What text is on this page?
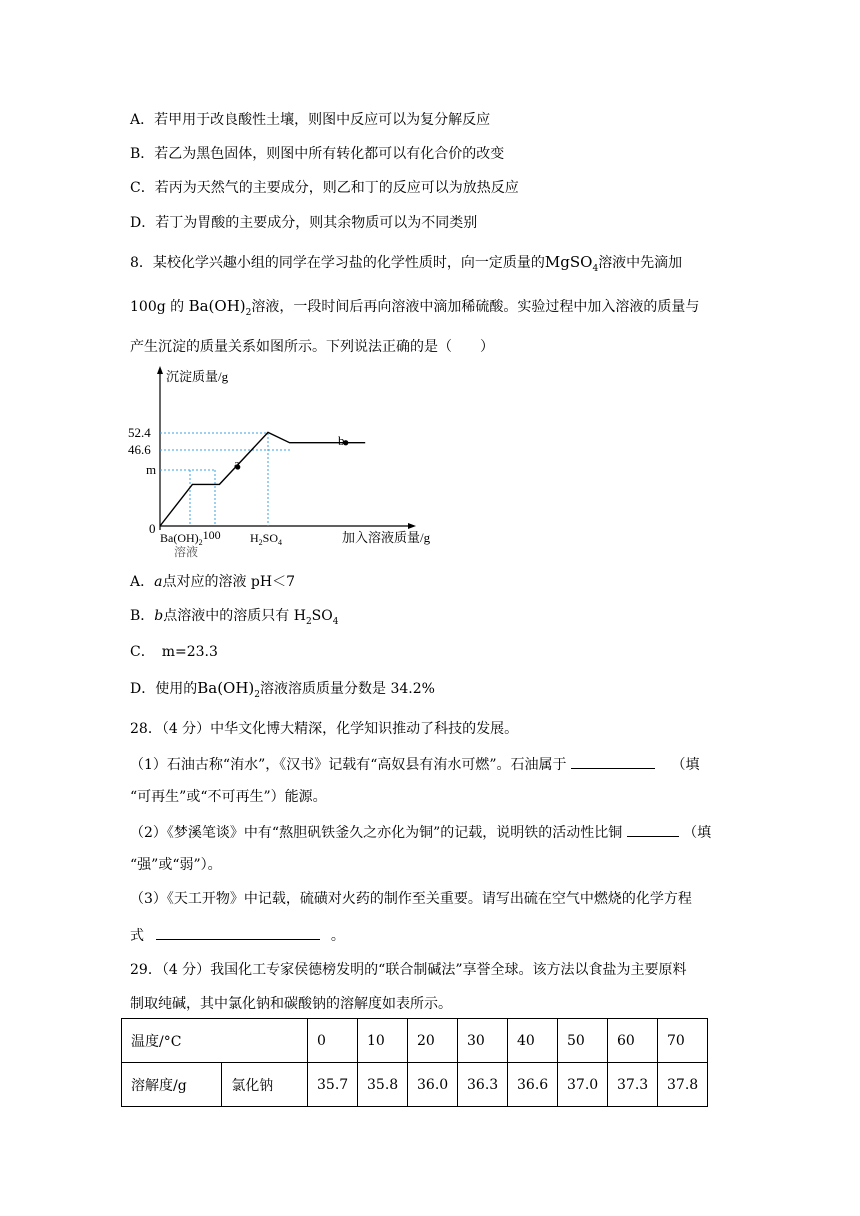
A．若甲用于改良酸性土壤，则图中反应可以为复分解反应
B．若乙为黑色固体，则图中所有转化都可以有化合价的改变
C．若丙为天然气的主要成分，则乙和丁的反应可以为放热反应
D．若丁为胃酸的主要成分，则其余物质可以为不同类别
8．某校化学兴趣小组的同学在学习盐的化学性质时，向一定质量的MgSO$_4$溶液中先滴加
100g 的 $Ba(OH)_2$溶液，一段时间后再向溶液中滴加稀硫酸。实验过程中加入溶液的质量与
产生沉淀的质量关系如图所示。下列说法正确的是（　　）
沉淀质量/g
加入溶液质量/g
0
52.4
46.6
m	a
b
$Ba(OH)_2100$
溶液
$H_2SO_4$
A．a点对应的溶液 pH＜7
B．b点溶液中的溶质只有 $H_2SO_4$
C．　m=23.3
D．使用的$Ba(OH)_2$溶液溶质质量分数是 34.2%
28．（4 分）中华文化博大精深，化学知识推动了科技的发展。
（1）石油古称“洧水”，《汉书》记载有“高奴县有洧水可燃”。石油属于	（填
“可再生”或“不可再生”）能源。
（2）《梦溪笔谈》中有“熬胆矾铁釜久之亦化为铜”的记载，说明铁的活动性比铜	（填
“强”或“弱”）。
（3）《天工开物》中记载，硫磺对火药的制作至关重要。请写出硫在空气中燃烧的化学方程
式	。
29．（4 分）我国化工专家侯德榜发明的“联合制碱法”享誉全球。该方法以食盐为主要原料
制取纯碱，其中氯化钠和碳酸钠的溶解度如表所示。
温度/°C		0	10	20	30	40	50	60	70
溶解度/g	氯化钠	35.7	35.8	36.0	36.3	36.6	37.0	37.3	37.8
